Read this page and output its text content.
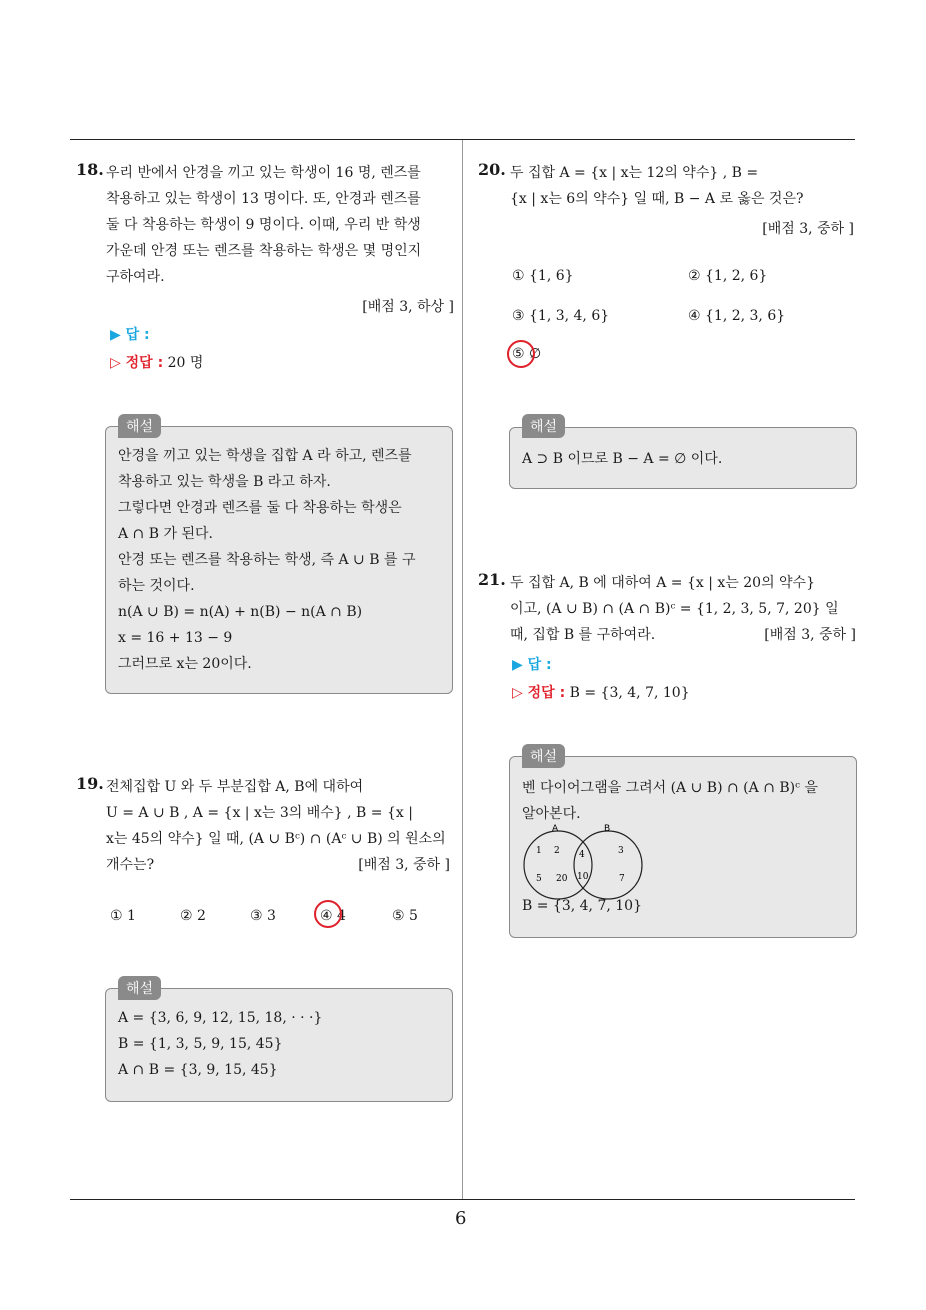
6
18. 우리 반에서 안경을 끼고 있는 학생이 16 명, 렌즈를
착용하고 있는 학생이 13 명이다. 또, 안경과 렌즈를
둘 다 착용하는 학생이 9 명이다. 이때, 우리 반 학생
가운데 안경 또는 렌즈를 착용하는 학생은 몇 명인지
구하여라.
[배점 3, 하상 ]
▶ 답 :
▷ 정답 : 20 명
안경을 끼고 있는 학생을 집합 A 라 하고, 렌즈를
착용하고 있는 학생을 B 라고 하자.
그렇다면 안경과 렌즈를 둘 다 착용하는 학생은
A ∩ B 가 된다.
안경 또는 렌즈를 착용하는 학생, 즉 A ∪ B 를 구
하는 것이다.
n(A ∪ B) = n(A) + n(B) − n(A ∩ B)
x = 16 + 13 − 9
그러므로 x는 20이다.
해설
19. 전체집합 U 와 두 부분집합 A, B에 대하여
U = A ∪ B , A = {x | x는 3의 배수} , B = {x |
x는 45의 약수} 일 때, (A ∪ Bᶜ) ∩ (Aᶜ ∪ B) 의 원소의
개수는?	[배점 3, 중하 ]
① 1	② 2	③ 3	④ 4	⑤ 5
A = {3, 6, 9, 12, 15, 18, · · ·}
B = {1, 3, 5, 9, 15, 45}
A ∩ B = {3, 9, 15, 45}
해설
20. 두 집합 A = {x | x는 12의 약수} , B =
{x | x는 6의 약수} 일 때, B − A 로 옳은 것은?
[배점 3, 중하 ]
① {1, 6}	② {1, 2, 6}
③ {1, 3, 4, 6}	④ {1, 2, 3, 6}
⑤ ∅
A ⊃ B 이므로 B − A = ∅ 이다.
해설
21. 두 집합 A, B 에 대하여 A = {x | x는 20의 약수}
이고, (A ∪ B) ∩ (A ∩ B)ᶜ = {1, 2, 3, 5, 7, 20} 일
때, 집합 B 를 구하여라.	[배점 3, 중하 ]
▶ 답 :
▷ 정답 : B = {3, 4, 7, 10}
벤 다이어그램을 그려서 (A ∪ B) ∩ (A ∩ B)ᶜ 을
알아본다.
A	B
1 2
5 20
4
10
3
7
B = {3, 4, 7, 10}
해설
